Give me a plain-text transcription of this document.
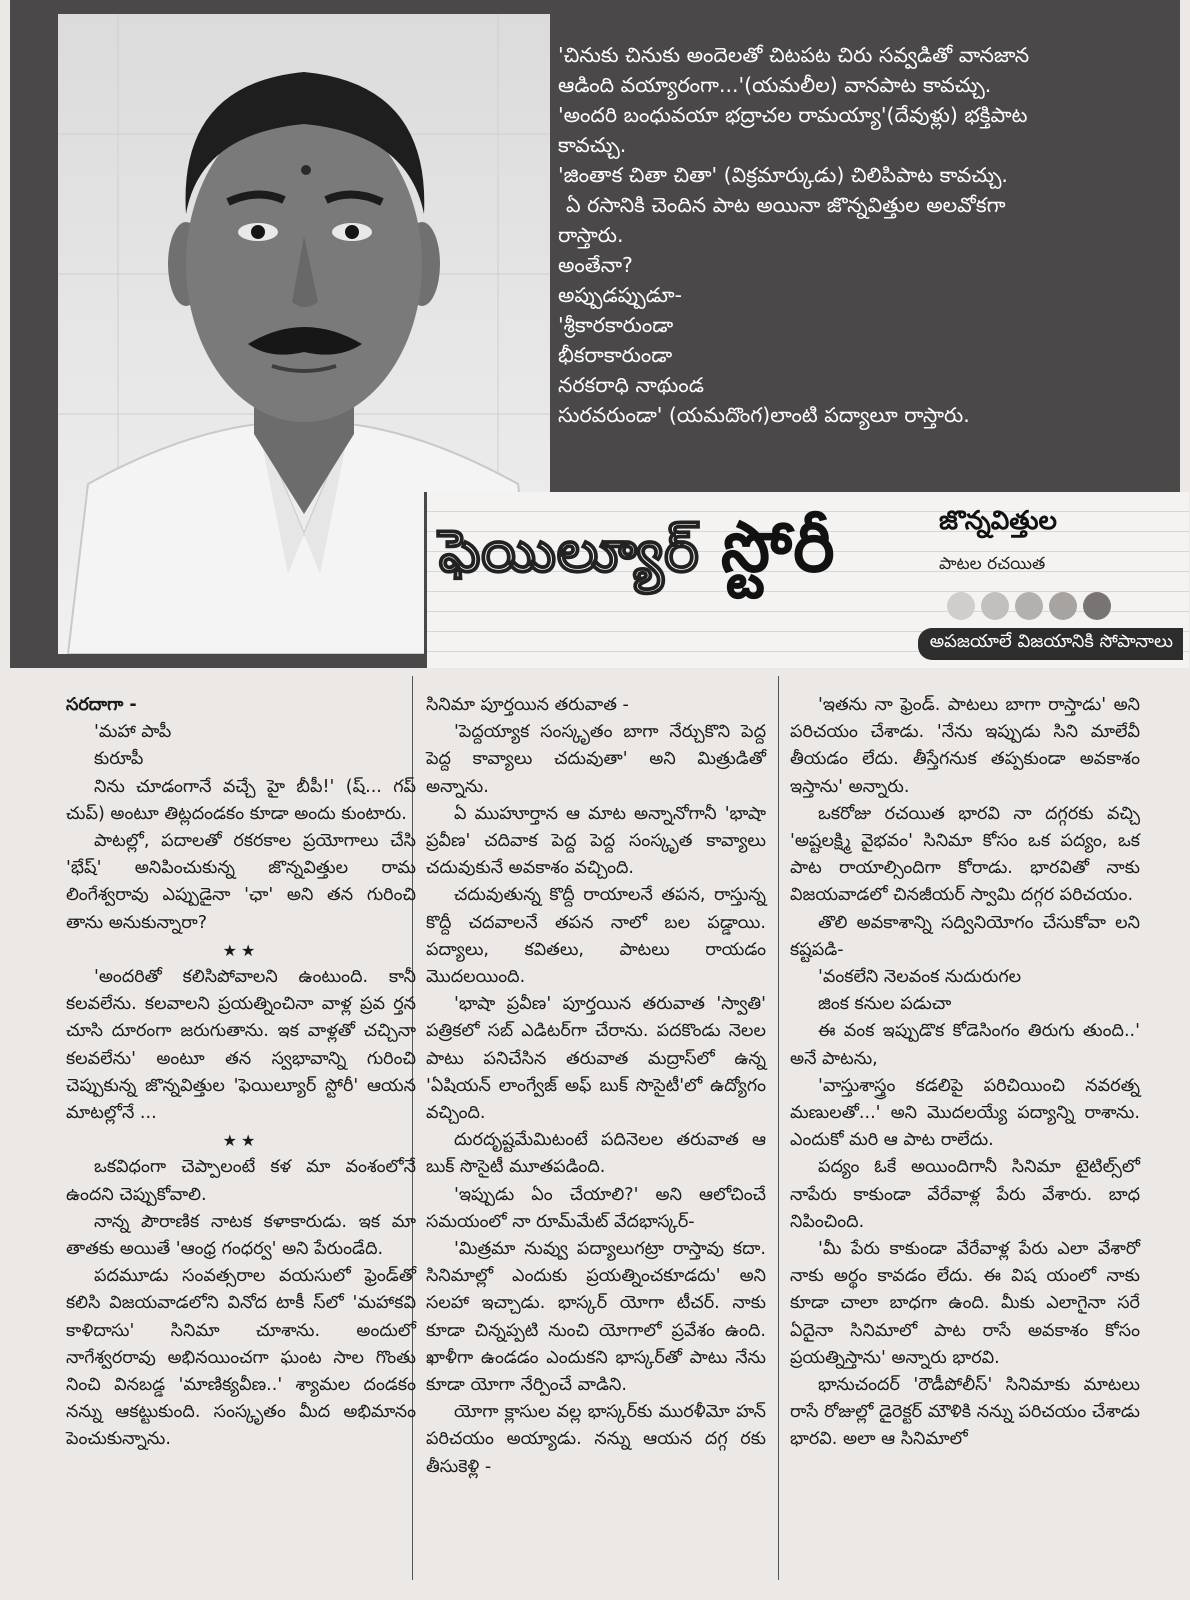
'చినుకు చినుకు అందెలతో చిటపట చిరు సవ్వడితో వానజాన

ఆడింది వయ్యారంగా...'(యమలీల) వానపాట కావచ్చు.

'అందరి బంధువయా భద్రాచల రామయ్యా'(దేవుళ్లు) భక్తిపాట

కావచ్చు.

'జింతాక చితా చితా' (విక్రమార్కుడు) చిలిపిపాట కావచ్చు.

ఏ రసానికి చెందిన పాట అయినా జొన్నవిత్తుల అలవోకగా

రాస్తారు.

అంతేనా?

అప్పుడప్పుడూ-

'శ్రీకారకారుండా

భీకరాకారుండా

నరకరాధి నాథుండ

సురవరుండా' (యమదొంగ)లాంటి పద్యాలూ రాస్తారు.

ఫెయిల్యూర్ స్టోరీ	జొన్నవిత్తుల
పాటల రచయిత
అపజయాలే విజయానికి సోపానాలు

సరదాగా -

'మహా పాపీ

కురూపీ

నిను చూడంగానే వచ్చే హై బీపీ!' (ష్... గప్ చుప్) అంటూ తిట్లదండకం కూడా అందు కుంటారు.

పాటల్లో, పదాలతో రకరకాల ప్రయోగాలు చేసి 'భేష్' అనిపించుకున్న జొన్నవిత్తుల రామ లింగేశ్వరావు ఎప్పుడైనా 'ఛా' అని తన గురించి తాను అనుకున్నారా?

★★

'అందరితో కలిసిపోవాలని ఉంటుంది. కానీ కలవలేను. కలవాలని ప్రయత్నించినా వాళ్ల ప్రవ ర్తన చూసి దూరంగా జరుగుతాను. ఇక వాళ్లతో చచ్చినా కలవలేను' అంటూ తన స్వభావాన్ని గురించి చెప్పుకున్న జొన్నవిత్తుల 'ఫెయిల్యూర్ స్టోరీ' ఆయన మాటల్లోనే ...

★★

ఒకవిధంగా చెప్పాలంటే కళ మా వంశంలోనే ఉందని చెప్పుకోవాలి.

నాన్న పౌరాణిక నాటక కళాకారుడు. ఇక మా తాతకు అయితే 'ఆంధ్ర గంధర్వ' అని పేరుండేది.

పదమూడు సంవత్సరాల వయసులో ఫ్రెండ్‌తో కలిసి విజయవాడలోని వినోద టాకీ స్‌లో 'మహాకవి కాళిదాసు' సినిమా చూశాను. అందులో నాగేశ్వరరావు అభినయించగా ఘంట సాల గొంతు నించి వినబడ్డ 'మాణిక్యవీణ..' శ్యామల దండకం నన్ను ఆకట్టుకుంది. సంస్కృతం మీద అభిమానం పెంచుకున్నాను.

సినిమా పూర్తయిన తరువాత -

'పెద్దయ్యాక సంస్కృతం బాగా నేర్చుకొని పెద్ద పెద్ద కావ్యాలు చదువుతా' అని మిత్రుడితో అన్నాను.

ఏ ముహూర్తాన ఆ మాట అన్నానోగానీ 'భాషా ప్రవీణ' చదివాక పెద్ద పెద్ద సంస్కృత కావ్యాలు చదువుకునే అవకాశం వచ్చింది.

చదువుతున్న కొద్దీ రాయాలనే తపన, రాస్తున్న కొద్దీ చదవాలనే తపన నాలో బల పడ్డాయి. పద్యాలు, కవితలు, పాటలు రాయడం మొదలయింది.

'భాషా ప్రవీణ' పూర్తయిన తరువాత 'స్వాతి' పత్రికలో సబ్ ఎడిటర్‌గా చేరాను. పదకొండు నెలల పాటు పనిచేసిన తరువాత మద్రాస్‌లో ఉన్న 'ఏషియన్ లాంగ్వేజ్ అఫ్ బుక్ సొసైటీ'లో ఉద్యోగం వచ్చింది.

దురదృష్టమేమిటంటే పదినెలల తరువాత ఆ బుక్ సొసైటీ మూతపడింది.

'ఇప్పుడు ఏం చేయాలి?' అని ఆలోచించే సమయంలో నా రూమ్‌మేట్ వేదభాస్కర్-

'మిత్రమా నువ్వు పద్యాలుగట్రా రాస్తావు కదా. సినిమాల్లో ఎందుకు ప్రయత్నించకూడదు' అని సలహా ఇచ్చాడు. భాస్కర్ యోగా టీచర్. నాకు కూడా చిన్నప్పటి నుంచి యోగాలో ప్రవేశం ఉంది. ఖాళీగా ఉండడం ఎందుకని భాస్కర్‌తో పాటు నేను కూడా యోగా నేర్పించే వాడిని.

యోగా క్లాసుల వల్ల భాస్కర్‌కు మురళీమో హన్ పరిచయం అయ్యాడు. నన్ను ఆయన దగ్గ రకు తీసుకెళ్లి -

'ఇతను నా ఫ్రెండ్. పాటలు బాగా రాస్తాడు' అని పరిచయం చేశాడు. 'నేను ఇప్పుడు సిని మాలేవీ తీయడం లేదు. తీస్తేగనుక తప్పకుండా అవకాశం ఇస్తాను' అన్నారు.

ఒకరోజు రచయిత భారవి నా దగ్గరకు వచ్చి 'అష్టలక్ష్మి వైభవం' సినిమా కోసం ఒక పద్యం, ఒక పాట రాయాల్సిందిగా కోరాడు. భారవితో నాకు విజయవాడలో చినజీయర్ స్వామి దగ్గర పరిచయం.

తొలి అవకాశాన్ని సద్వినియోగం చేసుకోవా లని కష్టపడి-

'వంకలేని నెలవంక నుదురుగల

జింక కనుల పడుచా

ఈ వంక ఇప్పుడొక కోడెసింగం తిరుగు తుంది..' అనే పాటను,

'వాస్తుశాస్త్రం కడలిపై పరిచియించి నవరత్న మణులతో...' అని మొదలయ్యే పద్యాన్ని రాశాను. ఎందుకో మరి ఆ పాట రాలేదు.

పద్యం ఓకే అయిందిగానీ సినిమా టైటిల్స్‌లో నాపేరు కాకుండా వేరేవాళ్ల పేరు వేశారు. బాధ నిపించింది.

'మీ పేరు కాకుండా వేరేవాళ్ల పేరు ఎలా వేశారో నాకు అర్థం కావడం లేదు. ఈ విష యంలో నాకు కూడా చాలా బాధగా ఉంది. మీకు ఎలాగైనా సరే ఏదైనా సినిమాలో పాట రాసే అవకాశం కోసం ప్రయత్నిస్తాను' అన్నారు భారవి.

భానుచందర్ 'రౌడీపోలీస్' సినిమాకు మాటలు రాసే రోజుల్లో డైరెక్టర్ మౌళికి నన్ను పరిచయం చేశాడు భారవి. అలా ఆ సినిమాలో
